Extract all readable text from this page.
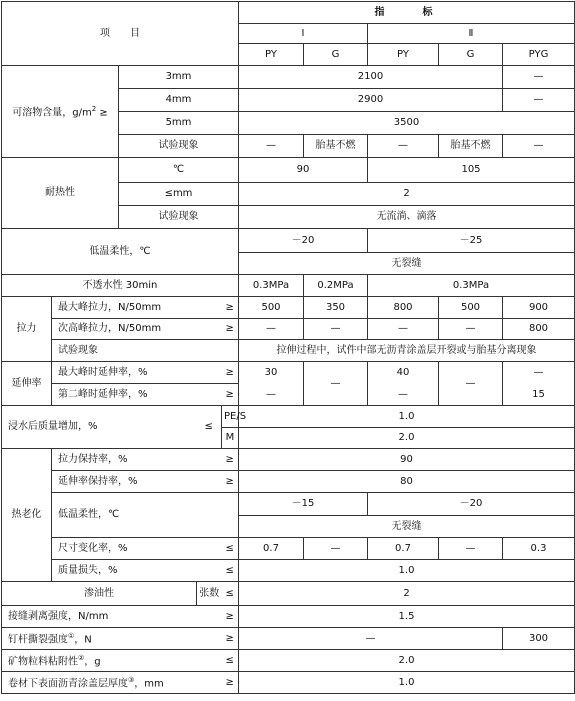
项　　目					指　　标				
					Ⅰ		Ⅱ		
					PY	G	PY	G	PYG
可溶物含量，$g/m^2$ ≥		3mm			2100				—
		4mm			2900				—
		5mm			3500				
		试验现象			—	胎基不燃	—	胎基不燃	—
耐热性		℃			90		105		
		≤mm			2				
		试验现象			无流淌、滴落				
低温柔性，℃					－20		－25		
					无裂缝				
不透水性 30min					0.3MPa	0.2MPa	0.3MPa		
拉力	最大峰拉力，N/50mm			≥	500	350	800	500	900
	次高峰拉力，N/50mm			≥	—	—	—	—	800
	试验现象				拉伸过程中，试件中部无沥青涂盖层开裂或与胎基分离现象				
延伸率	最大峰时延伸率，%			≥	30	—	40	—	—
	第二峰时延伸率，%			≥	—		—		15
浸水后质量增加，%			≤	PE/S	1.0				
				M	2.0				
热老化	拉力保持率，%			≥	90				
	延伸率保持率，%			≥	80				
	低温柔性，℃				－15		－20		
					无裂缝				
	尺寸变化率，%			≤	0.7	—	0.7	—	0.3
	质量损失，%			≤	1.0				
渗油性			张数	≤	2				
接缝剥离强度，N/mm				≥	1.5				
钉杆撕裂强度①，N				≥	—				300
矿物粒料粘附性②，g				≤	2.0				
卷材下表面沥青涂盖层厚度③，mm				≥	1.0				
